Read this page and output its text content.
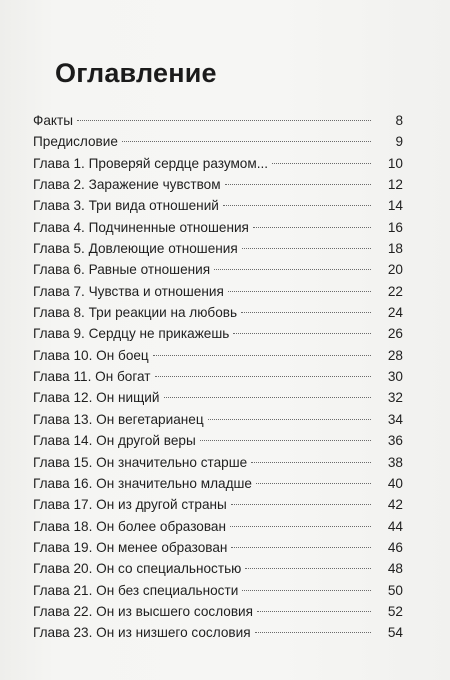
Оглавление
Факты	8
Предисловие	9
Глава 1. Проверяй сердце разумом...	10
Глава 2. Заражение чувством	12
Глава 3. Три вида отношений	14
Глава 4. Подчиненные отношения	16
Глава 5. Довлеющие отношения	18
Глава 6. Равные отношения	20
Глава 7. Чувства и отношения	22
Глава 8. Три реакции на любовь	24
Глава 9. Сердцу не прикажешь	26
Глава 10. Он боец	28
Глава 11. Он богат	30
Глава 12. Он нищий	32
Глава 13. Он вегетарианец	34
Глава 14. Он другой веры	36
Глава 15. Он значительно старше	38
Глава 16. Он значительно младше	40
Глава 17. Он из другой страны	42
Глава 18. Он более образован	44
Глава 19. Он менее образован	46
Глава 20. Он со специальностью	48
Глава 21. Он без специальности	50
Глава 22. Он из высшего сословия	52
Глава 23. Он из низшего сословия	54
